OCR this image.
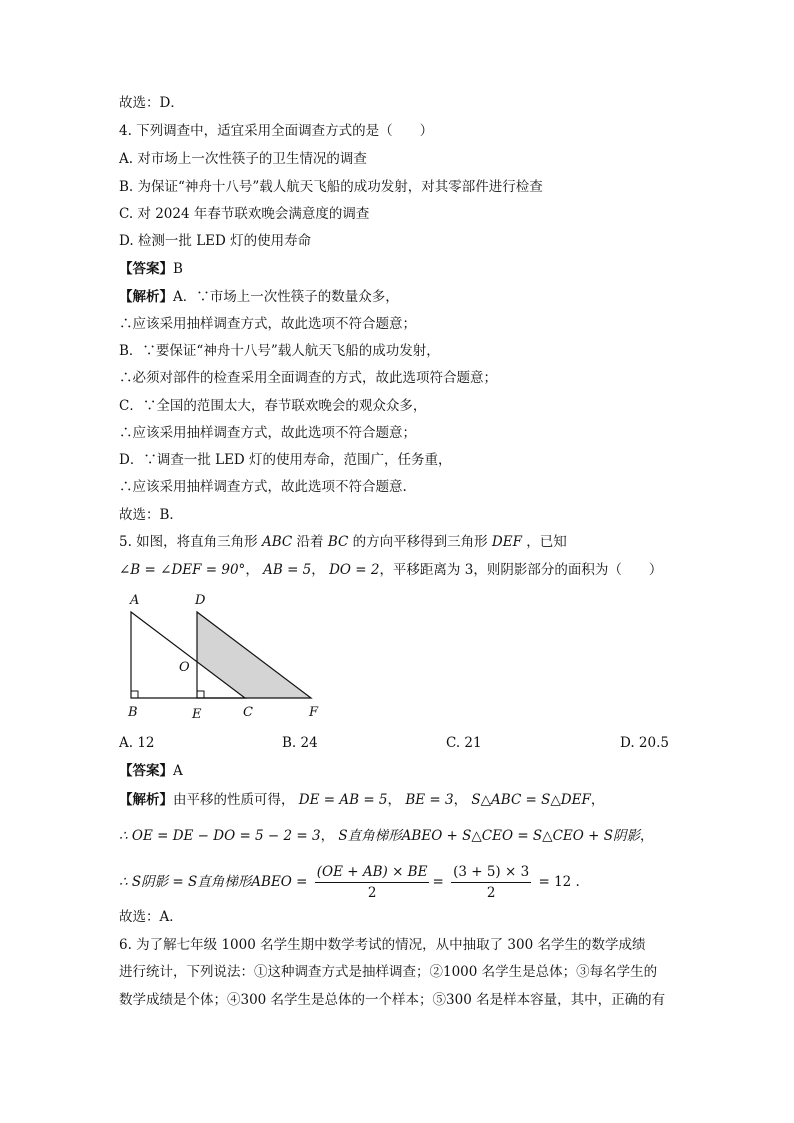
故选：D．
4. 下列调查中，适宜采用全面调查方式的是（　　）
A. 对市场上一次性筷子的卫生情况的调查
B. 为保证“神舟十八号”载人航天飞船的成功发射，对其零部件进行检查
C. 对 2024 年春节联欢晚会满意度的调查
D. 检测一批 LED 灯的使用寿命
【答案】B
【解析】A．∵市场上一次性筷子的数量众多，
∴应该采用抽样调查方式，故此选项不符合题意；
B．∵要保证“神舟十八号”载人航天飞船的成功发射，
∴必须对部件的检查采用全面调查的方式，故此选项符合题意；
C．∵全国的范围太大，春节联欢晚会的观众众多，
∴应该采用抽样调查方式，故此选项不符合题意；
D．∵调查一批 LED 灯的使用寿命，范围广，任务重，
∴应该采用抽样调查方式，故此选项不符合题意.
故选：B．
5. 如图，将直角三角形 ABC 沿着 BC 的方向平移得到三角形 DEF ，已知
∠B = ∠DEF = 90°， AB = 5， DO = 2，平移距离为 3，则阴影部分的面积为（　　）
A	D
O
B	E	C	F
A. 12	B. 24	C. 21	D. 20.5
【答案】A
【解析】由平移的性质可得， DE = AB = 5， BE = 3， S△ABC = S△DEF，
∴ OE = DE − DO = 5 − 2 = 3， S直角梯形ABEO + S△CEO = S△CEO + S阴影，
∴ S阴影 = S直角梯形ABEO = $\frac{(OE + AB) \times BE}{2} = \frac{(3 + 5) \times 3}{2} = 12$ .
故选：A．
6. 为了解七年级 1000 名学生期中数学考试的情况，从中抽取了 300 名学生的数学成绩
进行统计，下列说法：①这种调查方式是抽样调查；②1000 名学生是总体；③每名学生的
数学成绩是个体；④300 名学生是总体的一个样本；⑤300 名是样本容量，其中，正确的有
